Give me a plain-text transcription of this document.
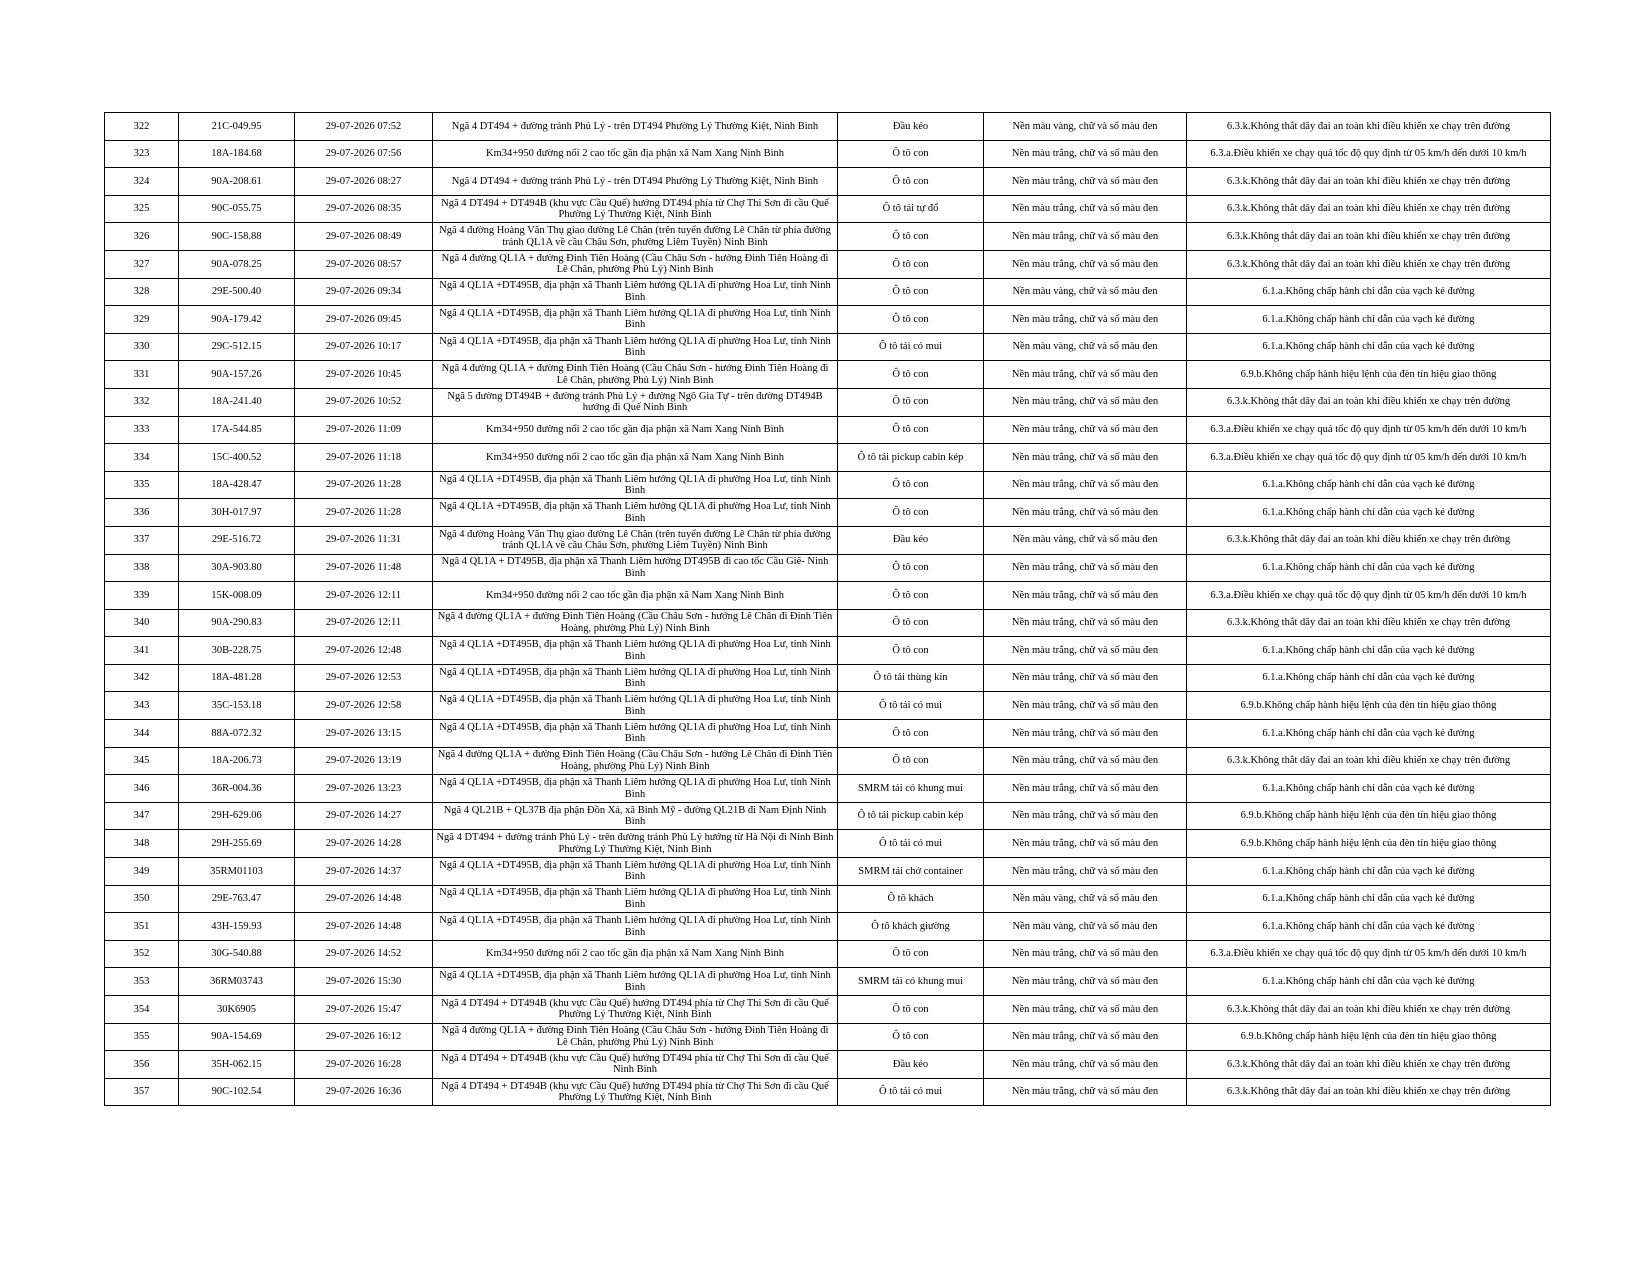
322	21C-049.95	29-07-2026 07:52	Ngã 4 DT494 + đường tránh Phủ Lý - trên DT494 Phường Lý Thường Kiệt, Ninh Bình	Đầu kéo	Nền màu vàng, chữ và số màu đen	6.3.k.Không thắt dây đai an toàn khi điều khiển xe chạy trên đường
323	18A-184.68	29-07-2026 07:56	Km34+950 đường nối 2 cao tốc gần địa phận xã Nam Xang Ninh Bình	Ô tô con	Nền màu trắng, chữ và số màu đen	6.3.a.Điều khiển xe chạy quá tốc độ quy định từ 05 km/h đến dưới 10 km/h
324	90A-208.61	29-07-2026 08:27	Ngã 4 DT494 + đường tránh Phủ Lý - trên DT494 Phường Lý Thường Kiệt, Ninh Bình	Ô tô con	Nền màu trắng, chữ và số màu đen	6.3.k.Không thắt dây đai an toàn khi điều khiển xe chạy trên đường
325	90C-055.75	29-07-2026 08:35	Ngã 4 DT494 + DT494B (khu vực Cầu Quế) hướng DT494 phía từ Chợ Thi Sơn đi cầu Quế Phường Lý Thường Kiệt, Ninh Bình	Ô tô tải tự đổ	Nền màu trắng, chữ và số màu đen	6.3.k.Không thắt dây đai an toàn khi điều khiển xe chạy trên đường
326	90C-158.88	29-07-2026 08:49	Ngã 4 đường Hoàng Văn Thụ giao đường Lê Chân (trên tuyến đường Lê Chân từ phía đường tránh QL1A về cầu Châu Sơn, phường Liêm Tuyền) Ninh Bình	Ô tô con	Nền màu trắng, chữ và số màu đen	6.3.k.Không thắt dây đai an toàn khi điều khiển xe chạy trên đường
327	90A-078.25	29-07-2026 08:57	Ngã 4 đường QL1A + đường Đinh Tiên Hoàng (Cầu Châu Sơn - hướng Đinh Tiên Hoàng đi Lê Chân, phường Phủ Lý) Ninh Bình	Ô tô con	Nền màu trắng, chữ và số màu đen	6.3.k.Không thắt dây đai an toàn khi điều khiển xe chạy trên đường
328	29E-500.40	29-07-2026 09:34	Ngã 4 QL1A +DT495B, địa phận xã Thanh Liêm hướng QL1A đi phường Hoa Lư, tỉnh Ninh Bình	Ô tô con	Nền màu vàng, chữ và số màu đen	6.1.a.Không chấp hành chỉ dẫn của vạch kẻ đường
329	90A-179.42	29-07-2026 09:45	Ngã 4 QL1A +DT495B, địa phận xã Thanh Liêm hướng QL1A đi phường Hoa Lư, tỉnh Ninh Bình	Ô tô con	Nền màu trắng, chữ và số màu đen	6.1.a.Không chấp hành chỉ dẫn của vạch kẻ đường
330	29C-512.15	29-07-2026 10:17	Ngã 4 QL1A +DT495B, địa phận xã Thanh Liêm hướng QL1A đi phường Hoa Lư, tỉnh Ninh Bình	Ô tô tải có mui	Nền màu vàng, chữ và số màu đen	6.1.a.Không chấp hành chỉ dẫn của vạch kẻ đường
331	90A-157.26	29-07-2026 10:45	Ngã 4 đường QL1A + đường Đinh Tiên Hoàng (Cầu Châu Sơn - hướng Đinh Tiên Hoàng đi Lê Chân, phường Phủ Lý) Ninh Bình	Ô tô con	Nền màu trắng, chữ và số màu đen	6.9.b.Không chấp hành hiệu lệnh của đèn tín hiệu giao thông
332	18A-241.40	29-07-2026 10:52	Ngã 5 đường DT494B + đường tránh Phủ Lý + đường Ngô Gia Tự - trên đường DT494B hướng đi Quế Ninh Bình	Ô tô con	Nền màu trắng, chữ và số màu đen	6.3.k.Không thắt dây đai an toàn khi điều khiển xe chạy trên đường
333	17A-544.85	29-07-2026 11:09	Km34+950 đường nối 2 cao tốc gần địa phận xã Nam Xang Ninh Bình	Ô tô con	Nền màu trắng, chữ và số màu đen	6.3.a.Điều khiển xe chạy quá tốc độ quy định từ 05 km/h đến dưới 10 km/h
334	15C-400.52	29-07-2026 11:18	Km34+950 đường nối 2 cao tốc gần địa phận xã Nam Xang Ninh Bình	Ô tô tải pickup cabin kép	Nền màu trắng, chữ và số màu đen	6.3.a.Điều khiển xe chạy quá tốc độ quy định từ 05 km/h đến dưới 10 km/h
335	18A-428.47	29-07-2026 11:28	Ngã 4 QL1A +DT495B, địa phận xã Thanh Liêm hướng QL1A đi phường Hoa Lư, tỉnh Ninh Bình	Ô tô con	Nền màu trắng, chữ và số màu đen	6.1.a.Không chấp hành chỉ dẫn của vạch kẻ đường
336	30H-017.97	29-07-2026 11:28	Ngã 4 QL1A +DT495B, địa phận xã Thanh Liêm hướng QL1A đi phường Hoa Lư, tỉnh Ninh Bình	Ô tô con	Nền màu trắng, chữ và số màu đen	6.1.a.Không chấp hành chỉ dẫn của vạch kẻ đường
337	29E-516.72	29-07-2026 11:31	Ngã 4 đường Hoàng Văn Thụ giao đường Lê Chân (trên tuyến đường Lê Chân từ phía đường tránh QL1A về cầu Châu Sơn, phường Liêm Tuyền) Ninh Bình	Đầu kéo	Nền màu vàng, chữ và số màu đen	6.3.k.Không thắt dây đai an toàn khi điều khiển xe chạy trên đường
338	30A-903.80	29-07-2026 11:48	Ngã 4 QL1A + DT495B, địa phận xã Thanh Liêm hướng DT495B đi cao tốc Cầu Giẽ- Ninh Bình	Ô tô con	Nền màu trắng, chữ và số màu đen	6.1.a.Không chấp hành chỉ dẫn của vạch kẻ đường
339	15K-008.09	29-07-2026 12:11	Km34+950 đường nối 2 cao tốc gần địa phận xã Nam Xang Ninh Bình	Ô tô con	Nền màu trắng, chữ và số màu đen	6.3.a.Điều khiển xe chạy quá tốc độ quy định từ 05 km/h đến dưới 10 km/h
340	90A-290.83	29-07-2026 12:11	Ngã 4 đường QL1A + đường Đinh Tiên Hoàng (Cầu Châu Sơn - hướng Lê Chân đi Đinh Tiên Hoàng, phường Phủ Lý) Ninh Bình	Ô tô con	Nền màu trắng, chữ và số màu đen	6.3.k.Không thắt dây đai an toàn khi điều khiển xe chạy trên đường
341	30B-228.75	29-07-2026 12:48	Ngã 4 QL1A +DT495B, địa phận xã Thanh Liêm hướng QL1A đi phường Hoa Lư, tỉnh Ninh Bình	Ô tô con	Nền màu trắng, chữ và số màu đen	6.1.a.Không chấp hành chỉ dẫn của vạch kẻ đường
342	18A-481.28	29-07-2026 12:53	Ngã 4 QL1A +DT495B, địa phận xã Thanh Liêm hướng QL1A đi phường Hoa Lư, tỉnh Ninh Bình	Ô tô tải thùng kín	Nền màu trắng, chữ và số màu đen	6.1.a.Không chấp hành chỉ dẫn của vạch kẻ đường
343	35C-153.18	29-07-2026 12:58	Ngã 4 QL1A +DT495B, địa phận xã Thanh Liêm hướng QL1A đi phường Hoa Lư, tỉnh Ninh Bình	Ô tô tải có mui	Nền màu trắng, chữ và số màu đen	6.9.b.Không chấp hành hiệu lệnh của đèn tín hiệu giao thông
344	88A-072.32	29-07-2026 13:15	Ngã 4 QL1A +DT495B, địa phận xã Thanh Liêm hướng QL1A đi phường Hoa Lư, tỉnh Ninh Bình	Ô tô con	Nền màu trắng, chữ và số màu đen	6.1.a.Không chấp hành chỉ dẫn của vạch kẻ đường
345	18A-206.73	29-07-2026 13:19	Ngã 4 đường QL1A + đường Đinh Tiên Hoàng (Cầu Châu Sơn - hướng Lê Chân đi Đinh Tiên Hoàng, phường Phủ Lý) Ninh Bình	Ô tô con	Nền màu trắng, chữ và số màu đen	6.3.k.Không thắt dây đai an toàn khi điều khiển xe chạy trên đường
346	36R-004.36	29-07-2026 13:23	Ngã 4 QL1A +DT495B, địa phận xã Thanh Liêm hướng QL1A đi phường Hoa Lư, tỉnh Ninh Bình	SMRM tải có khung mui	Nền màu trắng, chữ và số màu đen	6.1.a.Không chấp hành chỉ dẫn của vạch kẻ đường
347	29H-629.06	29-07-2026 14:27	Ngã 4 QL21B + QL37B địa phận Đồn Xá, xã Bình Mỹ - đường QL21B đi Nam Định Ninh Bình	Ô tô tải pickup cabin kép	Nền màu trắng, chữ và số màu đen	6.9.b.Không chấp hành hiệu lệnh của đèn tín hiệu giao thông
348	29H-255.69	29-07-2026 14:28	Ngã 4 DT494 + đường tránh Phủ Lý - trên đường tránh Phủ Lý hướng từ Hà Nội đi Ninh Bình Phường Lý Thường Kiệt, Ninh Bình	Ô tô tải có mui	Nền màu trắng, chữ và số màu đen	6.9.b.Không chấp hành hiệu lệnh của đèn tín hiệu giao thông
349	35RM01103	29-07-2026 14:37	Ngã 4 QL1A +DT495B, địa phận xã Thanh Liêm hướng QL1A đi phường Hoa Lư, tỉnh Ninh Bình	SMRM tải chở container	Nền màu trắng, chữ và số màu đen	6.1.a.Không chấp hành chỉ dẫn của vạch kẻ đường
350	29E-763.47	29-07-2026 14:48	Ngã 4 QL1A +DT495B, địa phận xã Thanh Liêm hướng QL1A đi phường Hoa Lư, tỉnh Ninh Bình	Ô tô khách	Nền màu vàng, chữ và số màu đen	6.1.a.Không chấp hành chỉ dẫn của vạch kẻ đường
351	43H-159.93	29-07-2026 14:48	Ngã 4 QL1A +DT495B, địa phận xã Thanh Liêm hướng QL1A đi phường Hoa Lư, tỉnh Ninh Bình	Ô tô khách giường	Nền màu vàng, chữ và số màu đen	6.1.a.Không chấp hành chỉ dẫn của vạch kẻ đường
352	30G-540.88	29-07-2026 14:52	Km34+950 đường nối 2 cao tốc gần địa phận xã Nam Xang Ninh Bình	Ô tô con	Nền màu trắng, chữ và số màu đen	6.3.a.Điều khiển xe chạy quá tốc độ quy định từ 05 km/h đến dưới 10 km/h
353	36RM03743	29-07-2026 15:30	Ngã 4 QL1A +DT495B, địa phận xã Thanh Liêm hướng QL1A đi phường Hoa Lư, tỉnh Ninh Bình	SMRM tải có khung mui	Nền màu trắng, chữ và số màu đen	6.1.a.Không chấp hành chỉ dẫn của vạch kẻ đường
354	30K6905	29-07-2026 15:47	Ngã 4 DT494 + DT494B (khu vực Cầu Quế) hướng DT494 phía từ Chợ Thi Sơn đi cầu Quế Phường Lý Thường Kiệt, Ninh Bình	Ô tô con	Nền màu trắng, chữ và số màu đen	6.3.k.Không thắt dây đai an toàn khi điều khiển xe chạy trên đường
355	90A-154.69	29-07-2026 16:12	Ngã 4 đường QL1A + đường Đinh Tiên Hoàng (Cầu Châu Sơn - hướng Đinh Tiên Hoàng đi Lê Chân, phường Phủ Lý) Ninh Bình	Ô tô con	Nền màu trắng, chữ và số màu đen	6.9.b.Không chấp hành hiệu lệnh của đèn tín hiệu giao thông
356	35H-062.15	29-07-2026 16:28	Ngã 4 DT494 + DT494B (khu vực Cầu Quế) hướng DT494 phía từ Chợ Thi Sơn đi cầu Quế Ninh Bình	Đầu kéo	Nền màu trắng, chữ và số màu đen	6.3.k.Không thắt dây đai an toàn khi điều khiển xe chạy trên đường
357	90C-102.54	29-07-2026 16:36	Ngã 4 DT494 + DT494B (khu vực Cầu Quế) hướng DT494 phía từ Chợ Thi Sơn đi cầu Quế Phường Lý Thường Kiệt, Ninh Bình	Ô tô tải có mui	Nền màu trắng, chữ và số màu đen	6.3.k.Không thắt dây đai an toàn khi điều khiển xe chạy trên đường
